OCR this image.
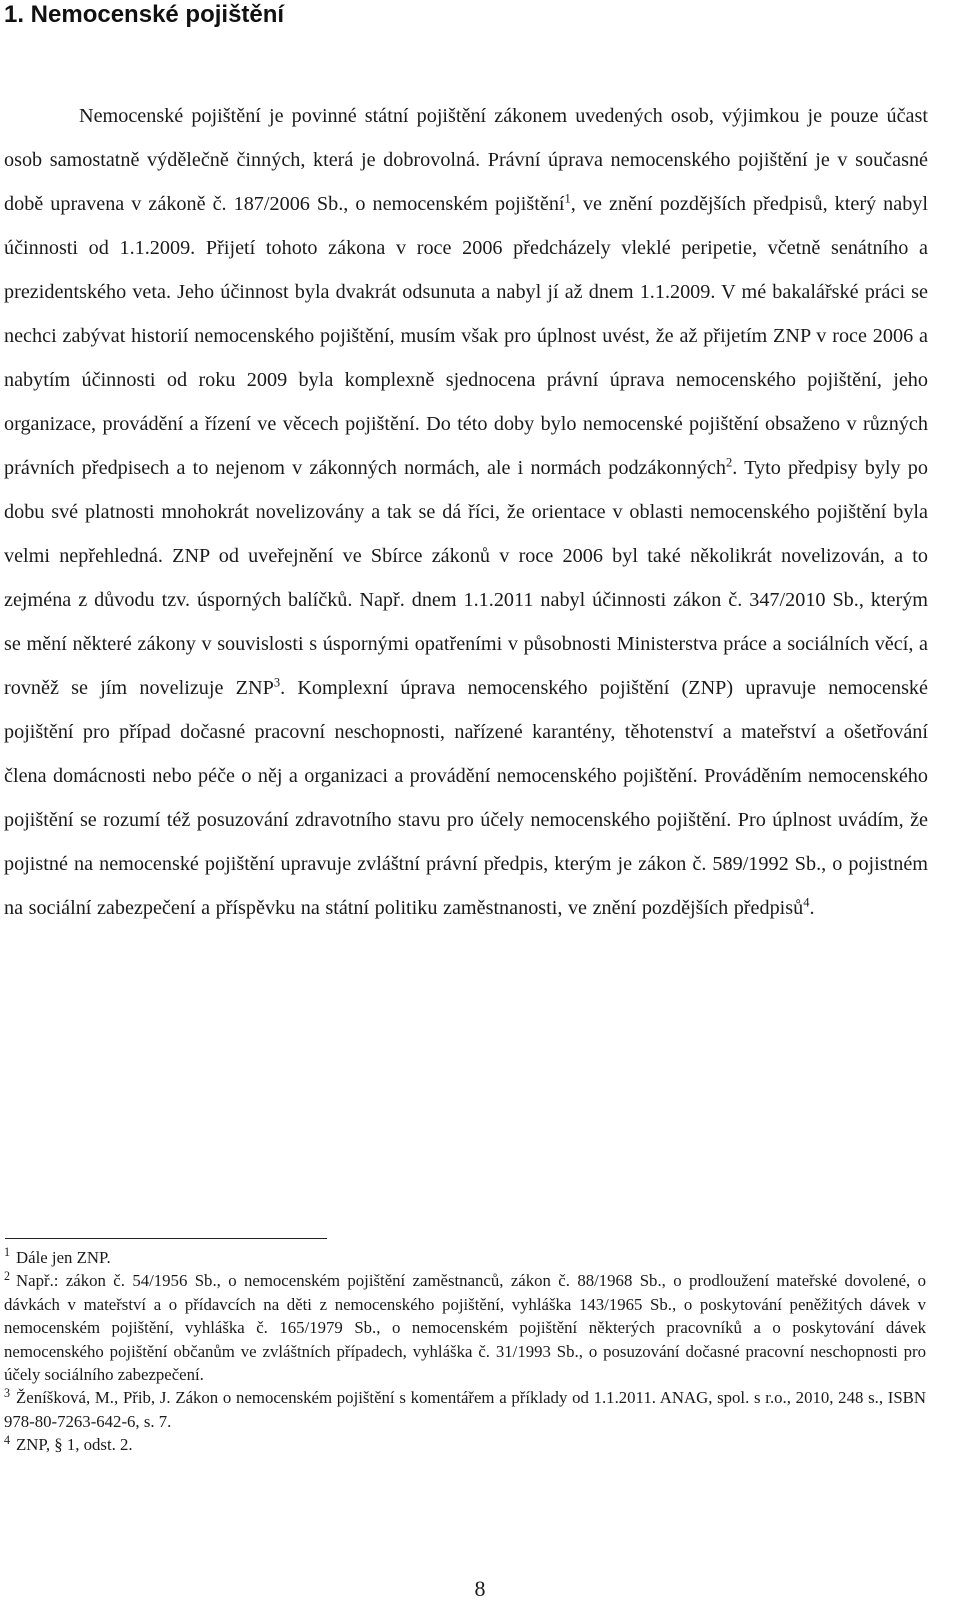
1. Nemocenské pojištění

Nemocenské pojištění je povinné státní pojištění zákonem uvedených osob, výjimkou je pouze účast osob samostatně výdělečně činných, která je dobrovolná. Právní úprava nemocenského pojištění je v současné době upravena v zákoně č. 187/2006 Sb., o nemocenském pojištění$^1$, ve znění pozdějších předpisů, který nabyl účinnosti od 1.1.2009. Přijetí tohoto zákona v roce 2006 předcházely vleklé peripetie, včetně senátního a prezidentského veta. Jeho účinnost byla dvakrát odsunuta a nabyl jí až dnem 1.1.2009. V mé bakalářské práci se nechci zabývat historií nemocenského pojištění, musím však pro úplnost uvést, že až přijetím ZNP v roce 2006 a nabytím účinnosti od roku 2009 byla komplexně sjednocena právní úprava nemocenského pojištění, jeho organizace, provádění a řízení ve věcech pojištění. Do této doby bylo nemocenské pojištění obsaženo v různých právních předpisech a to nejenom v zákonných normách, ale i normách podzákonných$^2$. Tyto předpisy byly po dobu své platnosti mnohokrát novelizovány a tak se dá říci, že orientace v oblasti nemocenského pojištění byla velmi nepřehledná. ZNP od uveřejnění ve Sbírce zákonů v roce 2006 byl také několikrát novelizován, a to zejména z důvodu tzv. úsporných balíčků. Např. dnem 1.1.2011 nabyl účinnosti zákon č. 347/2010 Sb., kterým se mění některé zákony v souvislosti s úspornými opatřeními v působnosti Ministerstva práce a sociálních věcí, a rovněž se jím novelizuje ZNP$^3$. Komplexní úprava nemocenského pojištění (ZNP) upravuje nemocenské pojištění pro případ dočasné pracovní neschopnosti, nařízené karantény, těhotenství a mateřství a ošetřování člena domácnosti nebo péče o něj a organizaci a provádění nemocenského pojištění. Prováděním nemocenského pojištění se rozumí též posuzování zdravotního stavu pro účely nemocenského pojištění. Pro úplnost uvádím, že pojistné na nemocenské pojištění upravuje zvláštní právní předpis, kterým je zákon č. 589/1992 Sb., o pojistném na sociální zabezpečení a příspěvku na státní politiku zaměstnanosti, ve znění pozdějších předpisů$^4$.

$^1$ Dále jen ZNP.

$^2$ Např.: zákon č. 54/1956 Sb., o nemocenském pojištění zaměstnanců, zákon č. 88/1968 Sb., o prodloužení mateřské dovolené, o dávkách v mateřství a o přídavcích na děti z nemocenského pojištění, vyhláška 143/1965 Sb., o poskytování peněžitých dávek v nemocenském pojištění, vyhláška č. 165/1979 Sb., o nemocenském pojištění některých pracovníků a o poskytování dávek nemocenského pojištění občanům ve zvláštních případech, vyhláška č. 31/1993 Sb., o posuzování dočasné pracovní neschopnosti pro účely sociálního zabezpečení.

$^3$ Ženíšková, M., Přib, J. Zákon o nemocenském pojištění s komentářem a příklady od 1.1.2011. ANAG, spol. s r.o., 2010, 248 s., ISBN 978-80-7263-642-6, s. 7.

$^4$ ZNP, § 1, odst. 2.

8
